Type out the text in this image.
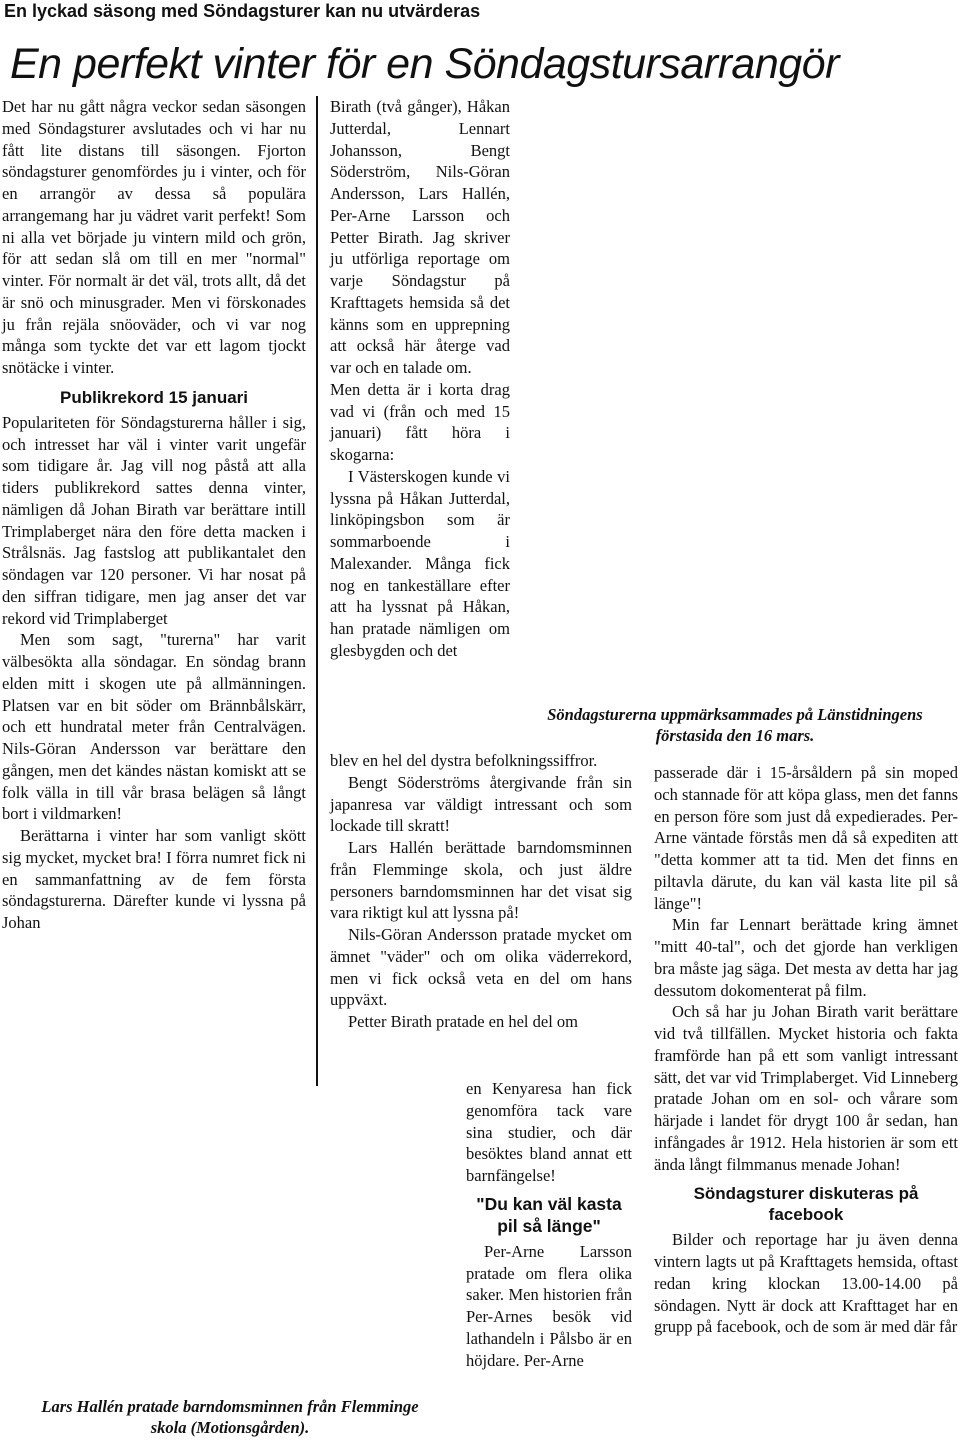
En lyckad säsong med Söndagsturer kan nu utvärderas
En perfekt vinter för en Söndagstursarrangör

Det har nu gått några veckor sedan säsongen med Söndagsturer avslutades och vi har nu fått lite distans till säsongen. Fjorton söndagsturer genomfördes ju i vinter, och för en arrangör av dessa så populära arrangemang har ju vädret varit perfekt! Som ni alla vet började ju vintern mild och grön, för att sedan slå om till en mer "normal" vinter. För normalt är det väl, trots allt, då det är snö och minusgrader. Men vi förskonades ju från rejäla snöoväder, och vi var nog många som tyckte det var ett lagom tjockt snötäcke i vinter.

Publikrekord 15 januari

Populariteten för Söndagsturerna håller i sig, och intresset har väl i vinter varit ungefär som tidigare år. Jag vill nog påstå att alla tiders publikrekord sattes denna vinter, nämligen då Johan Birath var berättare intill Trimplaberget nära den före detta macken i Strålsnäs. Jag fastslog att publikantalet den söndagen var 120 personer. Vi har nosat på den siffran tidigare, men jag anser det var rekord vid Trimplaberget

Men som sagt, "turerna" har varit välbesökta alla söndagar. En söndag brann elden mitt i skogen ute på allmänningen. Platsen var en bit söder om Brännbålskärr, och ett hundratal meter från Centralvägen. Nils-Göran Andersson var berättare den gången, men det kändes nästan komiskt att se folk välla in till vår brasa belägen så långt bort i vildmarken!

Berättarna i vinter har som vanligt skött sig mycket, mycket bra! I förra numret fick ni en sammanfattning av de fem första söndagsturerna. Därefter kunde vi lyssna på Johan

Birath (två gånger), Håkan Jutterdal, Lennart Johansson, Bengt Söderström, Nils-Göran Andersson, Lars Hallén, Per-Arne Larsson och Petter Birath. Jag skriver ju utförliga reportage om varje Söndagstur på Krafttagets hemsida så det känns som en upprepning att också här återge vad var och en talade om.

Men detta är i korta drag vad vi (från och med 15 januari) fått höra i skogarna:

I Västerskogen kunde vi lyssna på Håkan Jutterdal, linköpingsbon som är sommarboende i Malexander. Många fick nog en tankeställare efter att ha lyssnat på Håkan, han pratade nämligen om glesbygden och det

blev en hel del dystra befolkningssiffror.

Bengt Söderströms återgivande från sin japanresa var väldigt intressant och som lockade till skratt!

Lars Hallén berättade barndomsminnen från Flemminge skola, och just äldre personers barndomsminnen har det visat sig vara riktigt kul att lyssna på!

Nils-Göran Andersson pratade mycket om ämnet "väder" och om olika väderrekord, men vi fick också veta en del om hans uppväxt.

Petter Birath pratade en hel del om

en Kenyaresa han fick genomföra tack vare sina studier, och där besöktes bland annat ett barnfängelse!

"Du kan väl kasta pil så länge"

Per-Arne Larsson pratade om flera olika saker. Men historien från Per-Arnes besök vid lathandeln i Pålsbo är en höjdare. Per-Arne

Söndagsturerna uppmärksammades på Länstidningens förstasida den 16 mars.

passerade där i 15-årsåldern på sin moped och stannade för att köpa glass, men det fanns en person före som just då expedierades. Per-Arne väntade förstås men då så expediten att "detta kommer att ta tid. Men det finns en piltavla därute, du kan väl kasta lite pil så länge"!

Min far Lennart berättade kring ämnet "mitt 40-tal", och det gjorde han verkligen bra måste jag säga. Det mesta av detta har jag dessutom dokomenterat på film.

Och så har ju Johan Birath varit berättare vid två tillfällen. Mycket historia och fakta framförde han på ett som vanligt intressant sätt, det var vid Trimplaberget. Vid Linneberg pratade Johan om en sol- och vårare som härjade i landet för drygt 100 år sedan, han infångades år 1912. Hela historien är som ett ända långt filmmanus menade Johan!

Söndagsturer diskuteras på facebook

Bilder och reportage har ju även denna vintern lagts ut på Krafttagets hemsida, oftast redan kring klockan 13.00-14.00 på söndagen. Nytt är dock att Krafttaget har en grupp på facebook, och de som är med där får

Lars Hallén pratade barndomsminnen från Flemminge skola (Motionsgården).
